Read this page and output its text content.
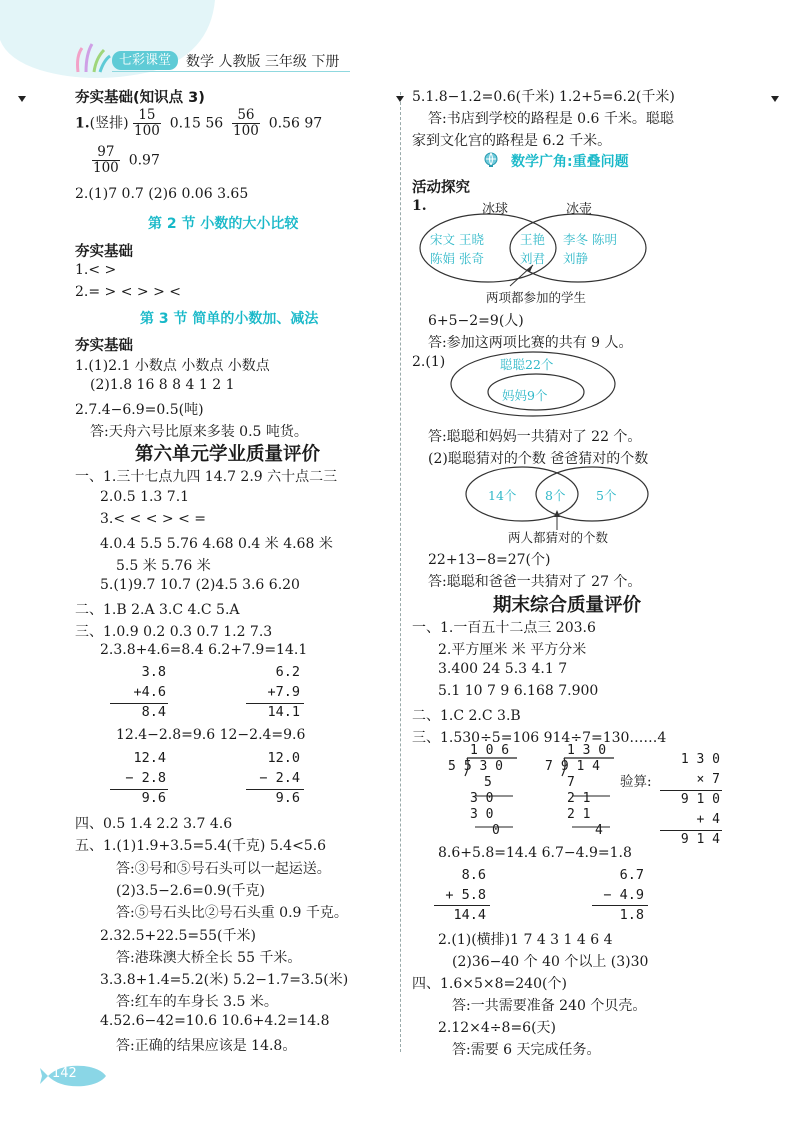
七彩课堂	数学 人教版 三年级 下册
夯实基础(知识点 3)
1.(竖排) $\frac{15}{100} 0.15$ $56 \frac{56}{100} 0.56$ 97
$\frac{97}{100} 0.97$
2.(1)7 0.7 (2)6 0.06 3.65
第 2 节 小数的大小比较
夯实基础
1.< >
2.= > < > > <
第 3 节 简单的小数加、减法
夯实基础
1.(1)2.1 小数点 小数点 小数点
(2)1.8 16 8 8 4 1 2 1
2.7.4−6.9=0.5(吨)
答:天舟六号比原来多装 0.5 吨货。
第六单元学业质量评价
一、1.三十七点九四 14.7 2.9 六十点二三
2.0.5 1.3 7.1
3.< < < > < =
4.0.4 5.5 5.76 4.68 0.4 米 4.68 米
5.5 米 5.76 米
5.(1)9.7 10.7 (2)4.5 3.6 6.20
二、1.B 2.A 3.C 4.C 5.A
三、1.0.9 0.2 0.3 0.7 1.2 7.3
2.3.8+4.6=8.4 6.2+7.9=14.1
3.8
+4.6
8.4
6.2
+7.9
14.1
12.4−2.8=9.6 12−2.4=9.6
12.4
− 2.8
9.6
12.0
− 2.4
9.6
四、0.5 1.4 2.2 3.7 4.6
五、1.(1)1.9+3.5=5.4(千克) 5.4<5.6
答:③号和⑤号石头可以一起运送。
(2)3.5−2.6=0.9(千克)
答:⑤号石头比②号石头重 0.9 千克。
2.32.5+22.5=55(千米)
答:港珠澳大桥全长 55 千米。
3.3.8+1.4=5.2(米) 5.2−1.7=3.5(米)
答:红车的车身长 3.5 米。
4.52.6−42=10.6 10.6+4.2=14.8
答:正确的结果应该是 14.8。
5.1.8−1.2=0.6(千米) 1.2+5=6.2(千米)
答:书店到学校的路程是 0.6 千米。聪聪
家到文化宫的路程是 6.2 千米。
数学广角:重叠问题
活动探究
1.	冰球	冰壶
宋文 王晓
陈娟 张奇
王艳
刘君
李冬 陈明
刘静
两项都参加的学生
6+5−2=9(人)
答:参加这两项比赛的共有 9 人。
2.(1)	聪聪22个
妈妈9个
答:聪聪和妈妈一共猜对了 22 个。
(2)聪聪猜对的个数 爸爸猜对的个数
14个 8个 5个
两人都猜对的个数
22+13−8=27(个)
答:聪聪和爸爸一共猜对了 27 个。
期末综合质量评价
一、1.一百五十二点三 203.6
2.平方厘米 米 平方分米
3.400 24 5.3 4.1 7
5.1 10 7 9 6.168 7.900
二、1.C 2.C 3.B
三、1.530÷5=106 914÷7=130……4
1 0 6
5 5 3 0
5
3 0
3 0
0
1 3 0
7 9 1 4
7
2 1
2 1
4
验算:
1 3 0
× 7
9 1 0
+ 4
9 1 4
8.6+5.8=14.4 6.7−4.9=1.8
8.6
+ 5.8
14.4
6.7
− 4.9
1.8
2.(1)(横排)1 7 4 3 1 4 6 4
(2)36−40 个 40 个以上 (3)30
四、1.6×5×8=240(个)
答:一共需要准备 240 个贝壳。
2.12×4÷8=6(天)
答:需要 6 天完成任务。
142
